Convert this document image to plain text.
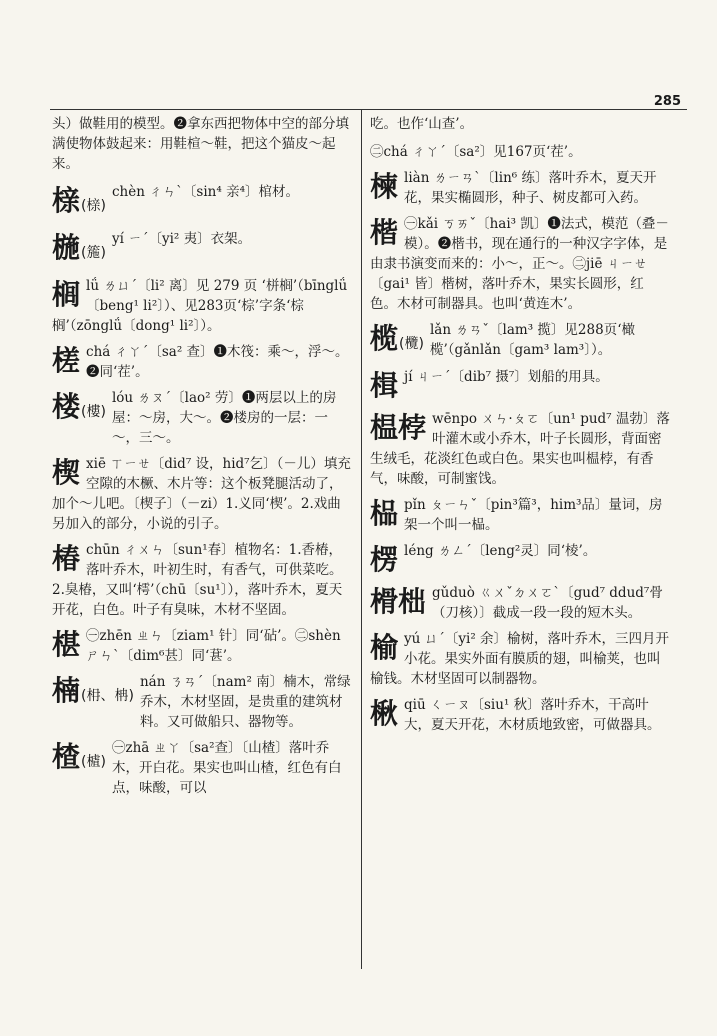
285
头）做鞋用的模型。❷拿东西把物体中空的部分填满使物体鼓起来：用鞋楦～鞋，把这个猫皮～起来。
榇(榇)
chèn ㄔㄣˋ〔sin⁴ 亲⁴〕棺材。
椸(箷)
yí ㄧˊ〔yi² 夷〕衣架。
榈lǘ ㄌㄩˊ〔li² 离〕见 279 页 ‘栟榈’（bīnglǘ〔beng¹ li²〕）、见283页‘棕’字条‘棕榈’（zōnglǘ〔dong¹ li²〕）。
槎chá ㄔㄚˊ〔sa² 查〕❶木筏：乘～，浮～。❷同‘茬’。
楼(樓)
lóu ㄌㄡˊ〔lao² 劳〕❶两层以上的房屋：～房，大～。❷楼房的一层：一～，三～。
楔xiē ㄒㄧㄝ〔did⁷ 设，hid⁷乞〕（－儿）填充空隙的木橛、木片等：这个板凳腿活动了，加个～儿吧。〔楔子〕（－zi）1.义同‘楔’。2.戏曲另加入的部分，小说的引子。
椿chūn ㄔㄨㄣ〔sun¹春〕植物名：1.香椿，落叶乔木，叶初生时，有香气，可供菜吃。2.臭椿，又叫‘樗’（chū〔su¹〕），落叶乔木，夏天开花，白色。叶子有臭味，木材不坚固。
椹 ㊀zhēn ㄓㄣ〔ziam¹ 针〕同‘砧’。㊁shèn ㄕㄣˋ〔dim⁶甚〕同‘葚’。
楠(枏、柟)
nán ㄋㄢˊ〔nam² 南〕楠木，常绿乔木，木材坚固，是贵重的建筑材料。又可做船只、器物等。
楂(樝)
㊀zhā ㄓㄚ〔sa²查〕〔山楂〕落叶乔木，开白花。果实也叫山楂，红色有白点，味酸，可以
吃。也作‘山查’。
㊁chá ㄔㄚˊ〔sa²〕见167页‘茬’。
楝liàn ㄌㄧㄢˋ〔lin⁶ 练〕落叶乔木，夏天开花，果实椭圆形，种子、树皮都可入药。
楷 ㊀kǎi ㄎㄞˇ〔hai³ 凯〕❶法式，模范（叠－模）。❷楷书，现在通行的一种汉字字体，是由隶书演变而来的：小～，正～。㊁jiē ㄐㄧㄝ〔gai¹ 皆〕楷树，落叶乔木，果实长圆形，红色。木材可制器具。也叫‘黄连木’。
榄(欖)
lǎn ㄌㄢˇ〔lam³ 揽〕见288页‘橄榄’（gǎnlǎn〔gam³ lam³〕）。
楫jí ㄐㄧˊ〔dib⁷ 摄⁷〕划船的用具。
榅桲 wēnpo ㄨㄣ·ㄆㄛ〔un¹ pud⁷ 温勃〕落叶灌木或小乔木，叶子长圆形，背面密生绒毛，花淡红色或白色。果实也叫榅桲，有香气，味酸，可制蜜饯。
榀pǐn ㄆㄧㄣˇ〔pin³篇³，him³品〕量词，房架一个叫一榀。
楞léng ㄌㄥˊ〔leng²灵〕同‘棱’。
榾柮 gǔduò ㄍㄨˇㄉㄨㄛˋ〔gud⁷ ddud⁷骨（刀核）〕截成一段一段的短木头。
榆yú ㄩˊ〔yi² 余〕榆树，落叶乔木，三四月开小花。果实外面有膜质的翅，叫榆荚，也叫榆钱。木材坚固可以制器物。
楸qiū ㄑㄧㄡ〔siu¹ 秋〕落叶乔木，干高叶大，夏天开花，木材质地致密，可做器具。
